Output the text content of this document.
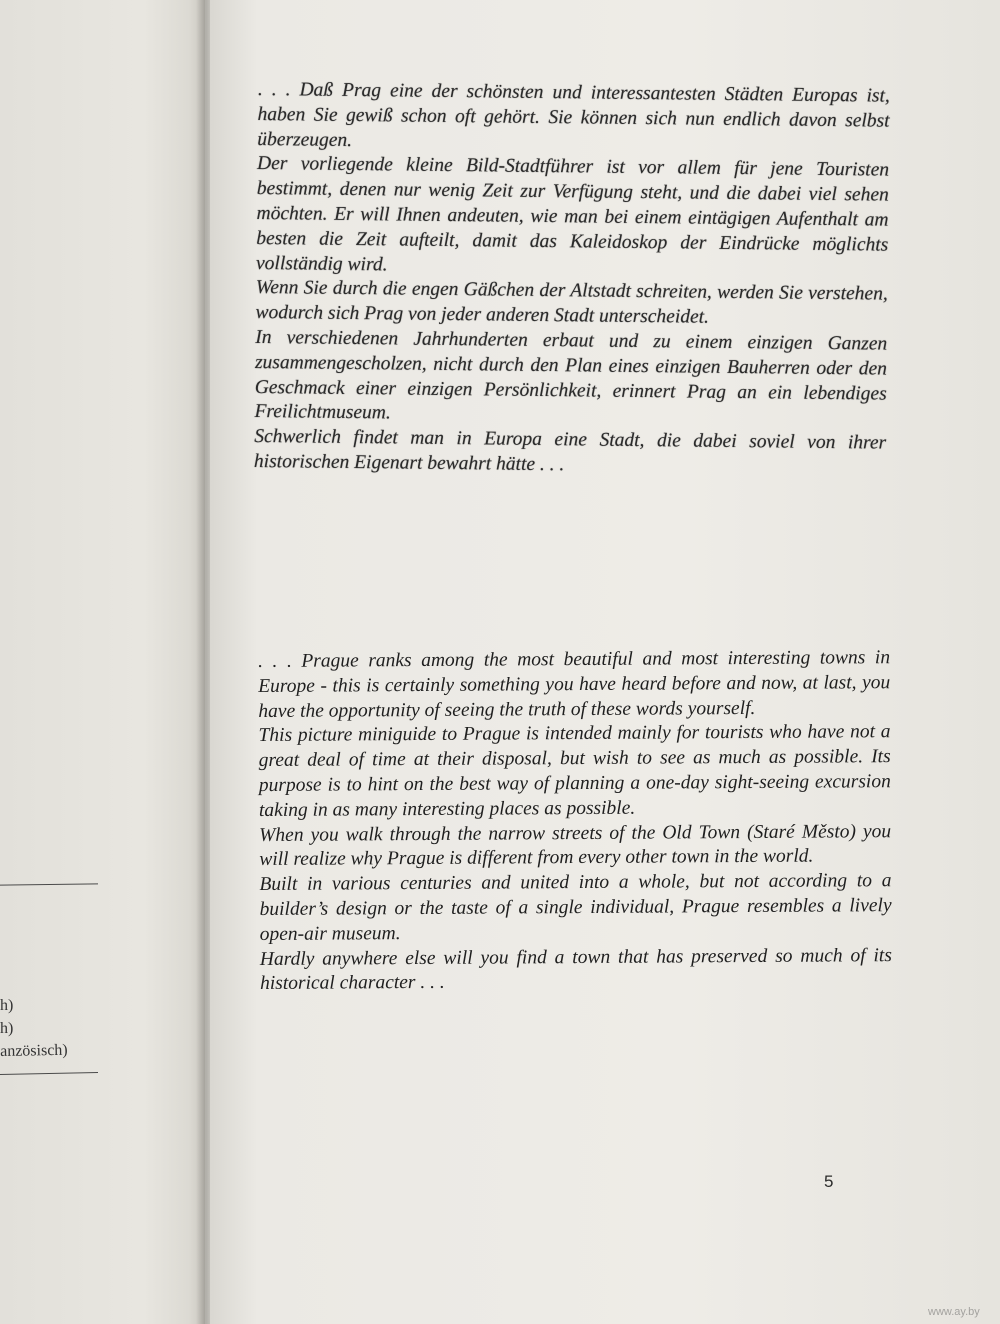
h)
h)
anzösisch)

. . . Daß Prag eine der schönsten und interessantesten Städten Europas ist, haben Sie gewiß schon oft gehört. Sie können sich nun endlich davon selbst überzeugen.

Der vorliegende kleine Bild-Stadtführer ist vor allem für jene Touristen bestimmt, denen nur wenig Zeit zur Verfügung steht, und die dabei viel sehen möchten. Er will Ihnen andeuten, wie man bei einem eintägigen Aufenthalt am besten die Zeit aufteilt, damit das Kaleidoskop der Eindrücke möglichts vollständig wird.

Wenn Sie durch die engen Gäßchen der Altstadt schreiten, werden Sie verstehen, wodurch sich Prag von jeder anderen Stadt unterscheidet.

In verschiedenen Jahrhunderten erbaut und zu einem einzigen Ganzen zusammengescholzen, nicht durch den Plan eines einzigen Bauherren oder den Geschmack einer einzigen Persönlichkeit, erinnert Prag an ein lebendiges Freilichtmuseum.

Schwerlich findet man in Europa eine Stadt, die dabei soviel von ihrer historischen Eigenart bewahrt hätte . . .

. . . Prague ranks among the most beautiful and most interesting towns in Europe - this is certainly something you have heard before and now, at last, you have the opportunity of seeing the truth of these words yourself.

This picture miniguide to Prague is intended mainly for tourists who have not a great deal of time at their disposal, but wish to see as much as possible. Its purpose is to hint on the best way of planning a one-day sight-seeing excursion taking in as many interesting places as possible.

When you walk through the narrow streets of the Old Town (Staré Město) you will realize why Prague is different from every other town in the world.

Built in various centuries and united into a whole, but not according to a builder’s design or the taste of a single individual, Prague resembles a lively open-air museum.

Hardly anywhere else will you find a town that has preserved so much of its historical character . . .

5
www.ay.by
